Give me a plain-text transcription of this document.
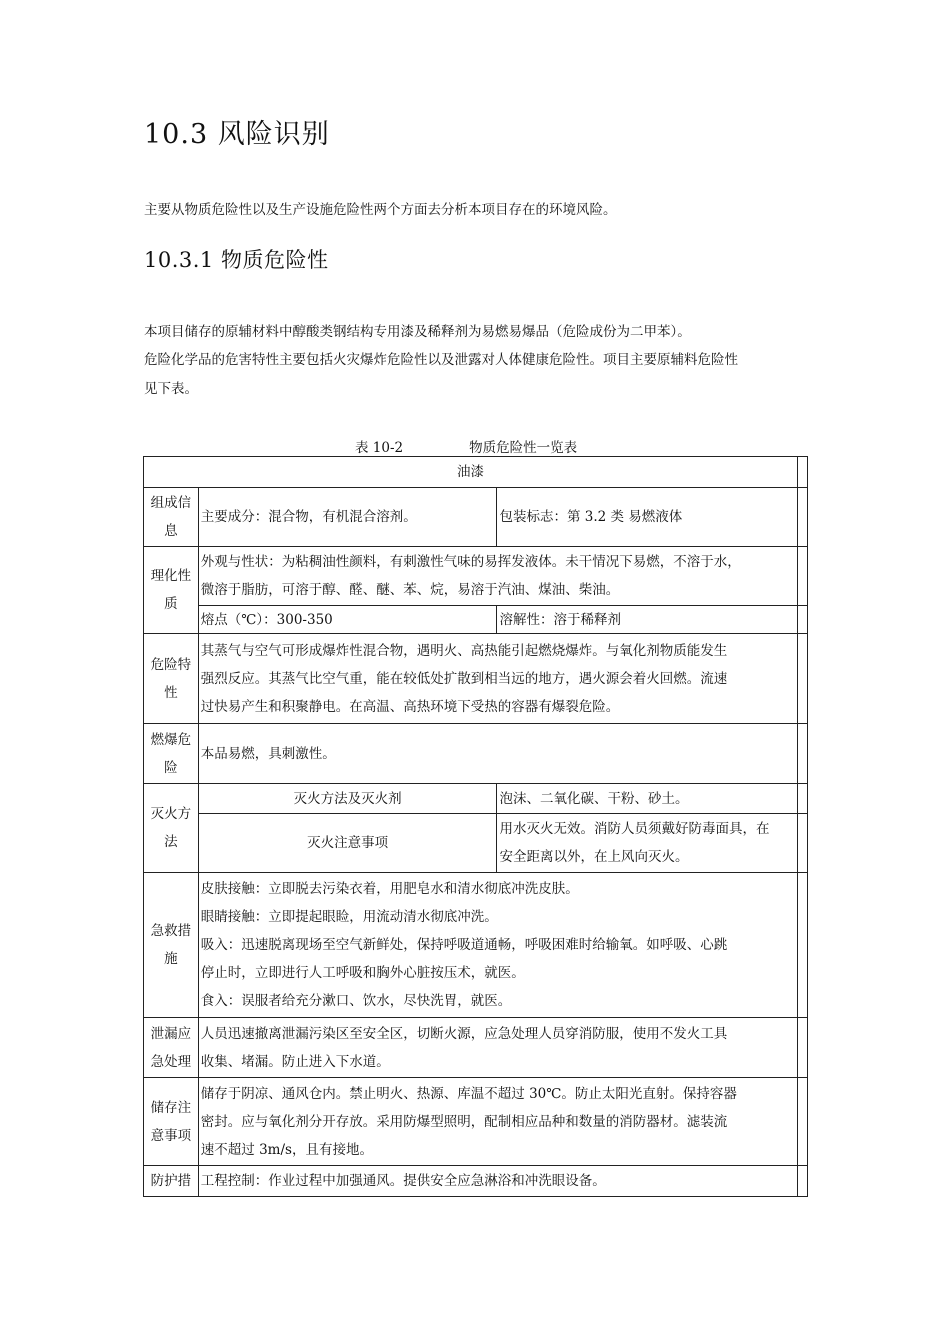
10.3 风险识别
主要从物质危险性以及生产设施危险性两个方面去分析本项目存在的环境风险。
10.3.1 物质危险性
本项目储存的原辅材料中醇酸类钢结构专用漆及稀释剂为易燃易爆品（危险成份为二甲苯）。
危险化学品的危害特性主要包括火灾爆炸危险性以及泄露对人体健康危险性。项目主要原辅料危险性
见下表。
表 10-2	物质危险性一览表
油漆			

组成信
息	主要成分：混合物，有机混合溶剂。	包装标志：第 3.2 类 易燃液体	

理化性
质	外观与性状：为粘稠油性颜料，有刺激性气味的易挥发液体。未干情况下易燃，不溶于水，
微溶于脂肪，可溶于醇、醛、醚、苯、烷，易溶于汽油、煤油、柴油。		

	熔点（℃）：300-350	溶解性：溶于稀释剂	

危险特
性	其蒸气与空气可形成爆炸性混合物，遇明火、高热能引起燃烧爆炸。与氧化剂物质能发生
强烈反应。其蒸气比空气重，能在较低处扩散到相当远的地方，遇火源会着火回燃。流速
过快易产生和积聚静电。在高温、高热环境下受热的容器有爆裂危险。		

燃爆危
险	本品易燃，具刺激性。		

灭火方
法	灭火方法及灭火剂	泡沫、二氧化碳、干粉、砂土。	
	灭火注意事项	用水灭火无效。消防人员须戴好防毒面具，在
安全距离以外，在上风向灭火。	

急救措
施	皮肤接触：立即脱去污染衣着，用肥皂水和清水彻底冲洗皮肤。
眼睛接触：立即提起眼睑，用流动清水彻底冲洗。
吸入：迅速脱离现场至空气新鲜处，保持呼吸道通畅，呼吸困难时给输氧。如呼吸、心跳
停止时，立即进行人工呼吸和胸外心脏按压术，就医。
食入：误服者给充分漱口、饮水，尽快洗胃，就医。		

泄漏应
急处理	人员迅速撤离泄漏污染区至安全区，切断火源，应急处理人员穿消防服，使用不发火工具
收集、堵漏。防止进入下水道。		

储存注
意事项	储存于阴凉、通风仓内。禁止明火、热源、库温不超过 30℃。防止太阳光直射。保持容器
密封。应与氧化剂分开存放。采用防爆型照明，配制相应品种和数量的消防器材。滤装流
速不超过 3m/s，且有接地。		

防护措	工程控制：作业过程中加强通风。提供安全应急淋浴和冲洗眼设备。		
